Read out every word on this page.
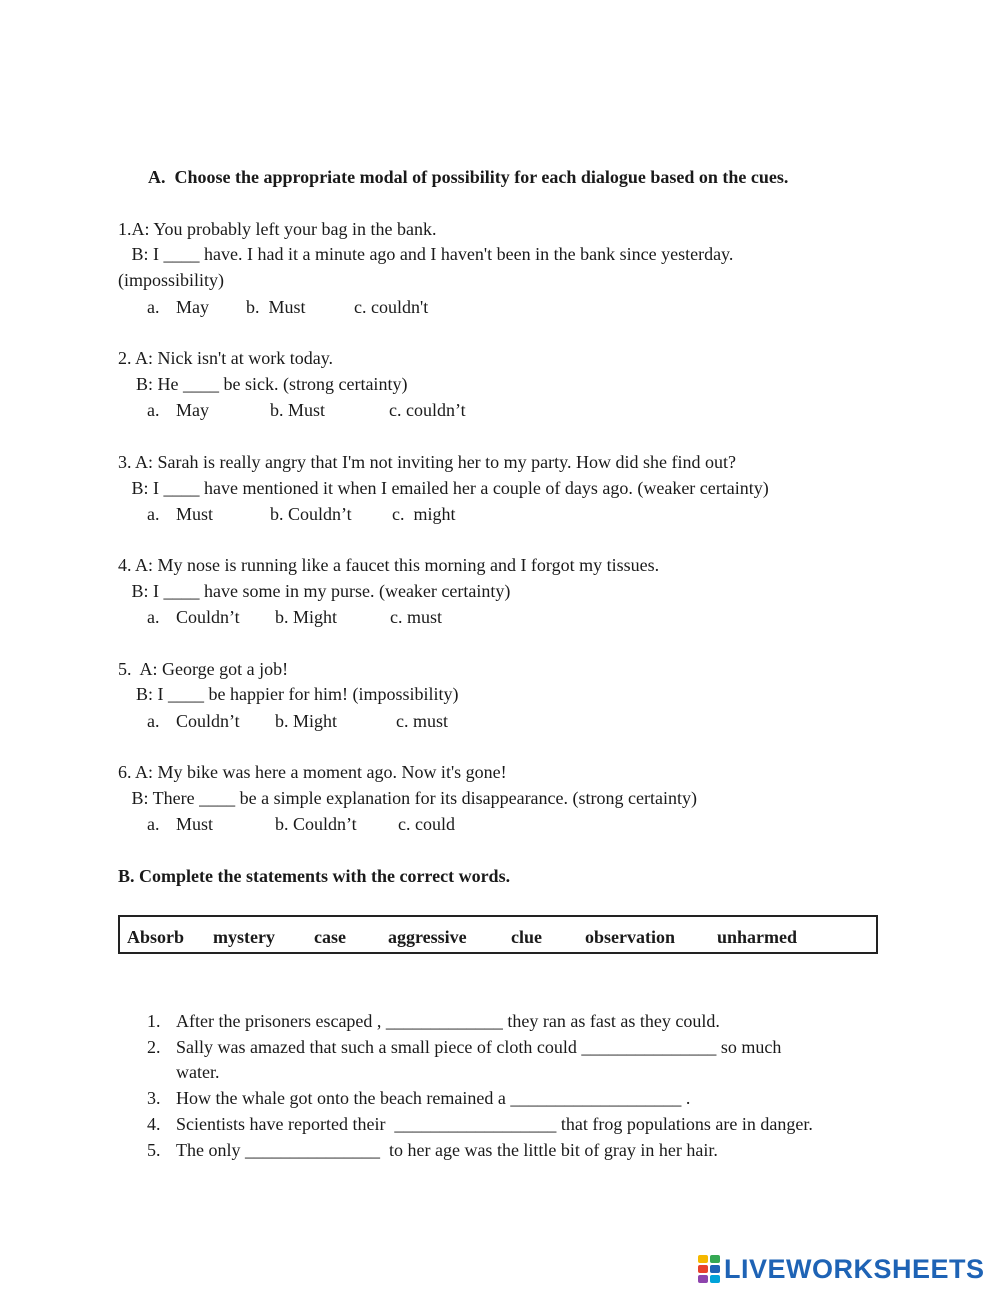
A.  Choose the appropriate modal of possibility for each dialogue based on the cues.
1.A: You probably left your bag in the bank.
B: I ____ have. I had it a minute ago and I haven't been in the bank since yesterday.
(impossibility)
a. May b.  Must	c. couldn't
2. A: Nick isn't at work today.
B: He ____ be sick. (strong certainty)
a. May	b. Must	c. couldn’t
3. A: Sarah is really angry that I'm not inviting her to my party. How did she find out?
B: I ____ have mentioned it when I emailed her a couple of days ago. (weaker certainty)
a. Must	b. Couldn’t c.  might
4. A: My nose is running like a faucet this morning and I forgot my tissues.
B: I ____ have some in my purse. (weaker certainty)
a. Couldn’t b. Might	c. must
5.  A: George got a job!
B: I ____ be happier for him! (impossibility)
a. Couldn’t b. Might	c. must
6. A: My bike was here a moment ago. Now it's gone!
B: There ____ be a simple explanation for its disappearance. (strong certainty)
a. Must	b. Couldn’t c. could
B. Complete the statements with the correct words.
Absorb mystery case aggressive clue observation unharmed
1. After the prisoners escaped , _____________ they ran as fast as they could.
2. Sally was amazed that such a small piece of cloth could _______________ so much
water.
3. How the whale got onto the beach remained a ___________________ .
4. Scientists have reported their  __________________ that frog populations are in danger.
5. The only _______________  to her age was the little bit of gray in her hair.
LIVEWORKSHEETS
